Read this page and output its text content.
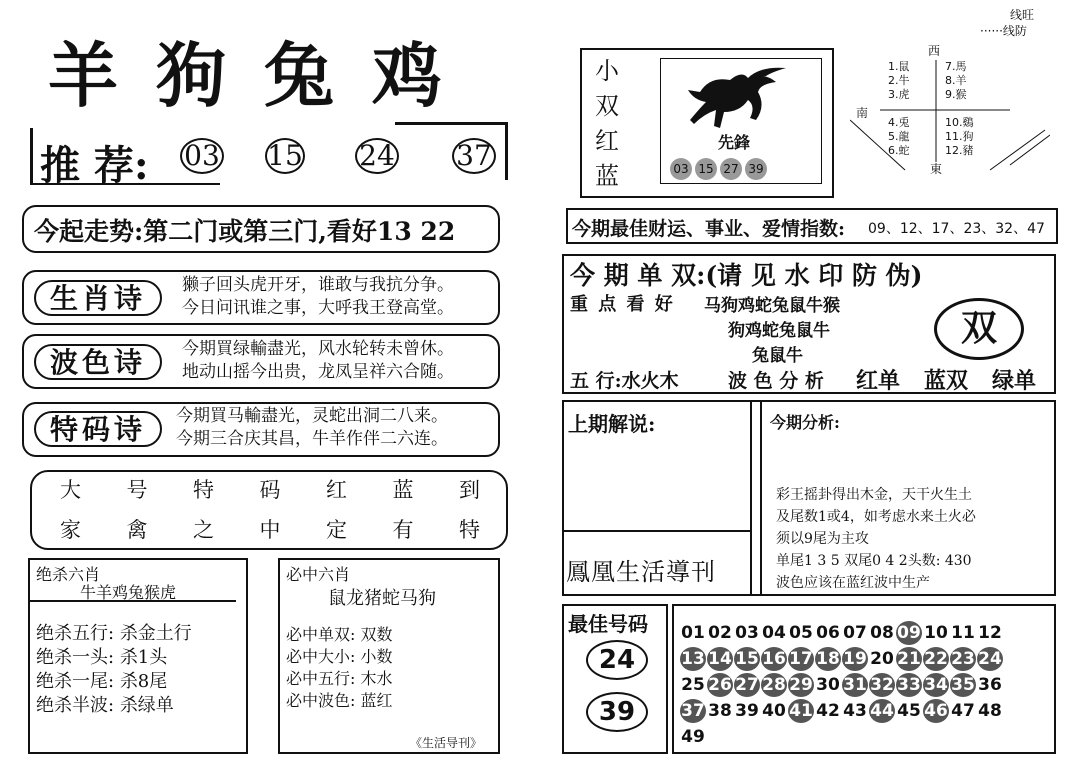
线旺
······线防
羊狗兔鸡
推 荐: 03 15 24 37
今起走势:第二门或第三门,看好13 22
生肖诗	獭子回头虎开牙，谁敢与我抗分争。
今日问讯谁之事，大呼我王登高堂。
波色诗	今期買绿輸盡光，风水轮转未曾休。
地动山摇今出贵，龙凤呈祥六合随。
特码诗	今期買马輸盡光，灵蛇出洞二八来。
今期三合庆其昌，牛羊作伴二六连。
大 号 特 码 红 蓝 到
家 禽 之 中 定 有 特
绝杀六肖
牛羊鸡兔猴虎
绝杀五行: 杀金土行
绝杀一头: 杀1头
绝杀一尾: 杀8尾
绝杀半波: 杀绿单
必中六肖
鼠龙猪蛇马狗
必中单双: 双数
必中大小: 小数
必中五行: 木水
必中波色: 蓝红
《生活导刊》
小
双
红
蓝
先鋒
03 15 27 39
西
南
東
1.鼠
2.牛
3.虎
4.兎
5.龍
6.蛇
7.馬
8.羊
9.猴
10.鷄
11.狗
12.豬
今期最佳财运、事业、爱情指数: 09、12、17、23、32、47
今 期 单 双:(请 见 水 印 防 伪)
重 点 看 好 马狗鸡蛇兔鼠牛猴
狗鸡蛇兔鼠牛
兔鼠牛
双
五 行:水火木	波 色 分 析 红单 蓝双 绿单
上期解说:
鳳凰生活導刊
今期分析:
彩王摇卦得出木金，天干火生土
及尾数1或4，如考虑水来土火必
须以9尾为主攻
单尾1 3 5 双尾0 4 2头数: 430
波色应该在蓝红波中生产
最佳号码
24
39
01 02 03 04 05 06 07 08 09 10 11 12
13 14 15 16 17 18 19 20 21 22 23 24
25 26 27 28 29 30 31 32 33 34 35 36
37 38 39 40 41 42 43 44 45 46 47 48
49
